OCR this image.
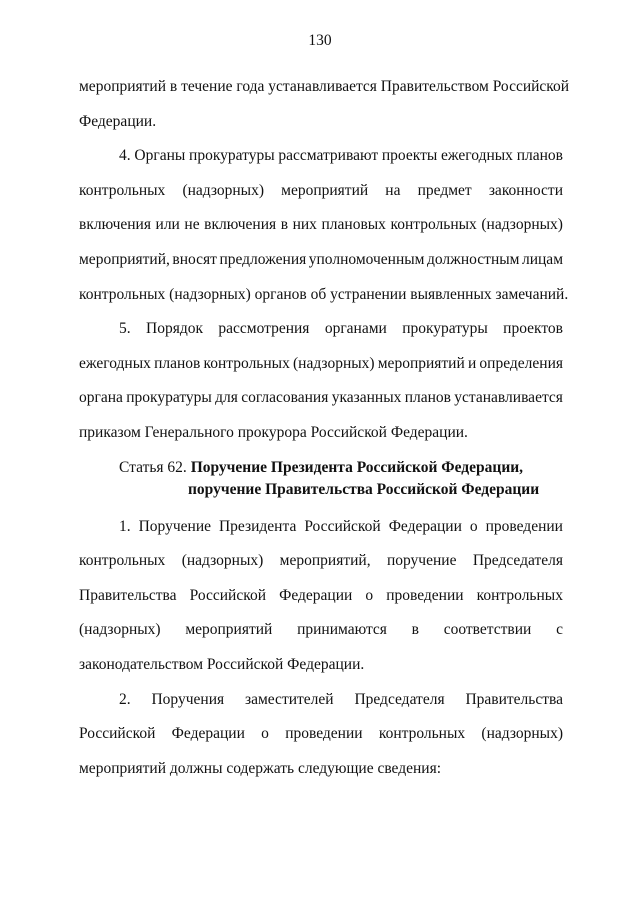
130
мероприятий в течение года устанавливается Правительством Российской
Федерации.
4. Органы прокуратуры рассматривают проекты ежегодных планов
контрольных (надзорных) мероприятий на предмет законности
включения или не включения в них плановых контрольных (надзорных)
мероприятий, вносят предложения уполномоченным должностным лицам
контрольных (надзорных) органов об устранении выявленных замечаний.
5. Порядок рассмотрения органами прокуратуры проектов
ежегодных планов контрольных (надзорных) мероприятий и определения
органа прокуратуры для согласования указанных планов устанавливается
приказом Генерального прокурора Российской Федерации.
Статья 62. Поручение Президента Российской Федерации,
поручение Правительства Российской Федерации
1. Поручение Президента Российской Федерации о проведении
контрольных (надзорных) мероприятий, поручение Председателя
Правительства Российской Федерации о проведении контрольных
(надзорных) мероприятий принимаются в соответствии с
законодательством Российской Федерации.
2. Поручения заместителей Председателя Правительства
Российской Федерации о проведении контрольных (надзорных)
мероприятий должны содержать следующие сведения:
